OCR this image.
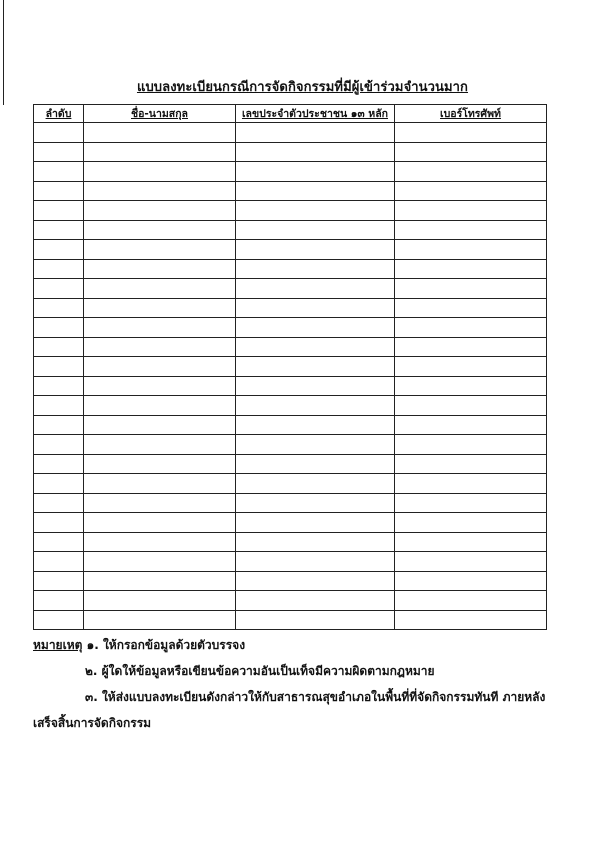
แบบลงทะเบียนกรณีการจัดกิจกรรมที่มีผู้เข้าร่วมจำนวนมาก
ลำดับ	ชื่อ-นามสกุล	เลขประจำตัวประชาชน ๑๓ หลัก	เบอร์โทรศัพท์

หมายเหตุ ๑. ให้กรอกข้อมูลด้วยตัวบรรจง
๒. ผู้ใดให้ข้อมูลหรือเขียนข้อความอันเป็นเท็จมีความผิดตามกฎหมาย
๓. ให้ส่งแบบลงทะเบียนดังกล่าวให้กับสาธารณสุขอำเภอในพื้นที่ที่จัดกิจกรรมทันที ภายหลัง
เสร็จสิ้นการจัดกิจกรรม
